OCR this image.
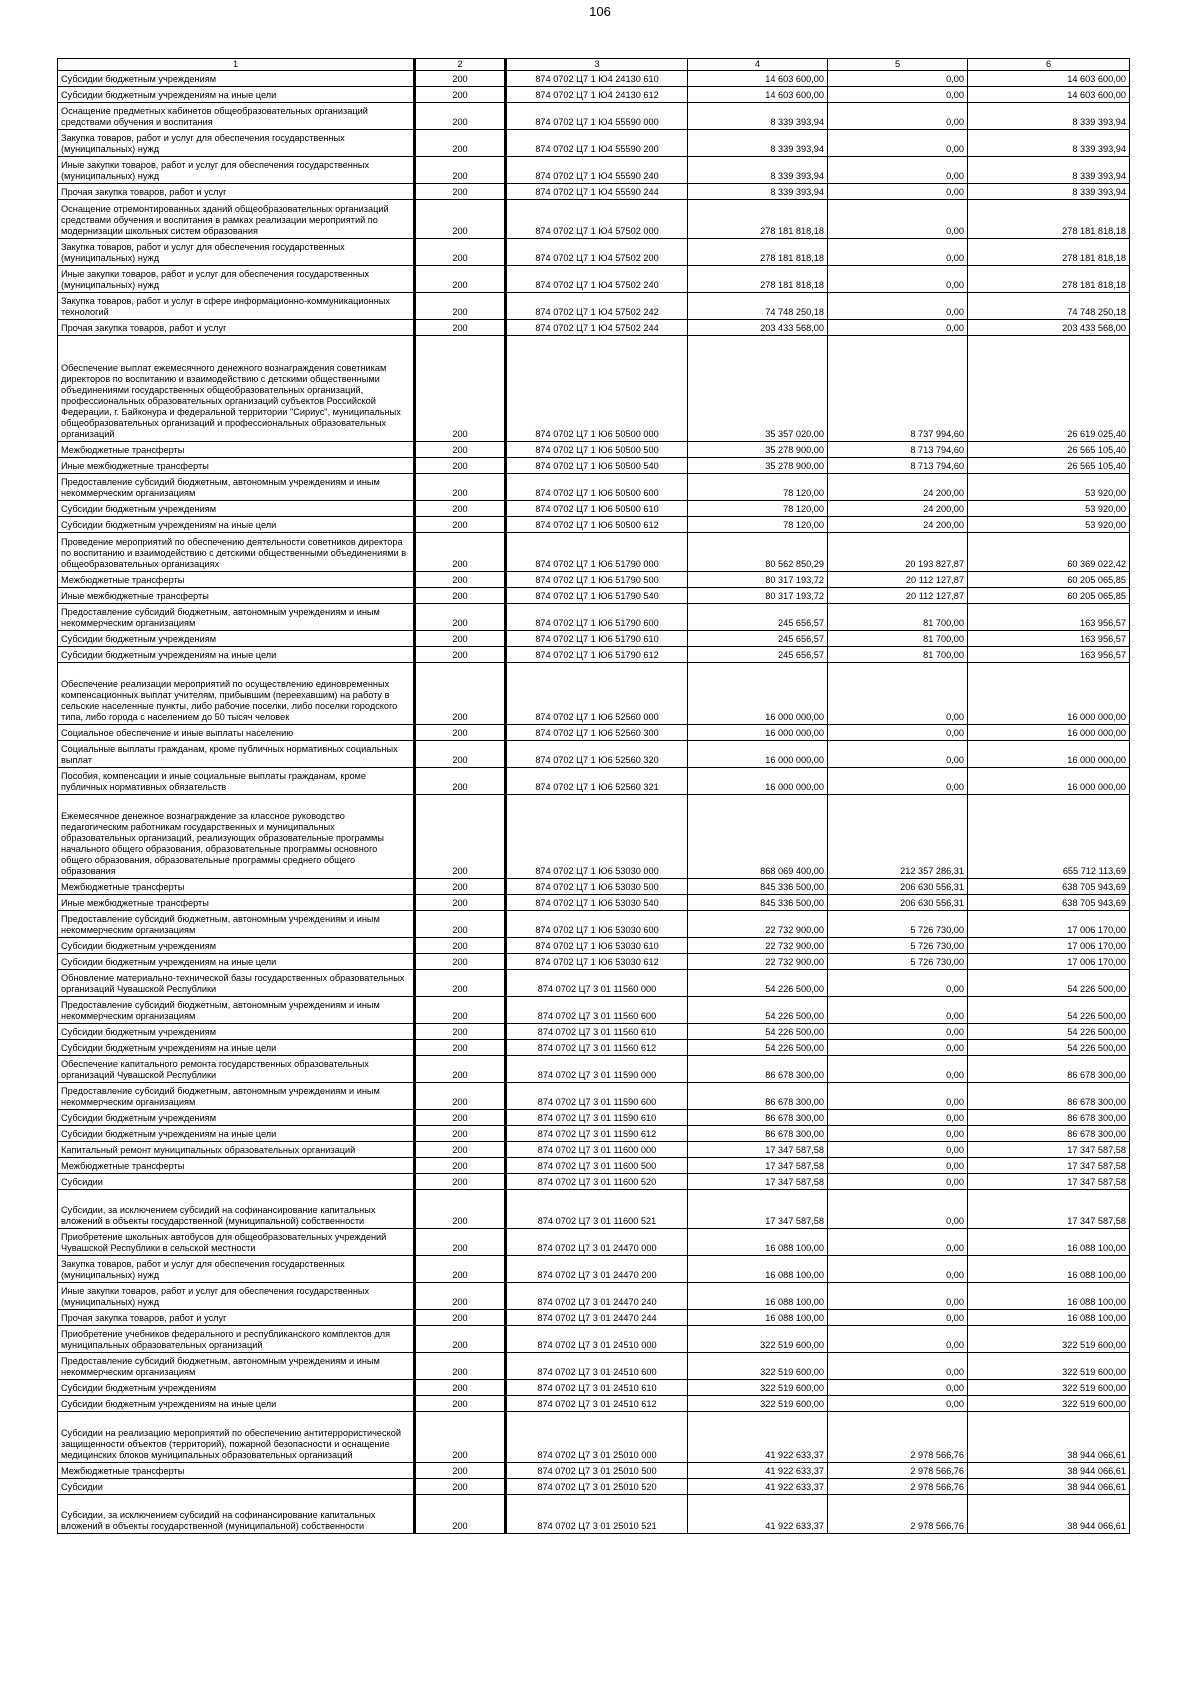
106
1	2	3	4	5	6
Субсидии бюджетным учреждениям	200	874 0702 Ц7 1 Ю4 24130 610	14 603 600,00	0,00	14 603 600,00
Субсидии бюджетным учреждениям на иные цели	200	874 0702 Ц7 1 Ю4 24130 612	14 603 600,00	0,00	14 603 600,00
Оснащение предметных кабинетов общеобразовательных организаций средствами обучения и воспитания	200	874 0702 Ц7 1 Ю4 55590 000	8 339 393,94	0,00	8 339 393,94
Закупка товаров, работ и услуг для обеспечения государственных (муниципальных) нужд	200	874 0702 Ц7 1 Ю4 55590 200	8 339 393,94	0,00	8 339 393,94
Иные закупки товаров, работ и услуг для обеспечения государственных (муниципальных) нужд	200	874 0702 Ц7 1 Ю4 55590 240	8 339 393,94	0,00	8 339 393,94
Прочая закупка товаров, работ и услуг	200	874 0702 Ц7 1 Ю4 55590 244	8 339 393,94	0,00	8 339 393,94
Оснащение отремонтированных зданий общеобразовательных организаций средствами обучения и воспитания в рамках реализации мероприятий по модернизации школьных систем образования	200	874 0702 Ц7 1 Ю4 57502 000	278 181 818,18	0,00	278 181 818,18
Закупка товаров, работ и услуг для обеспечения государственных (муниципальных) нужд	200	874 0702 Ц7 1 Ю4 57502 200	278 181 818,18	0,00	278 181 818,18
Иные закупки товаров, работ и услуг для обеспечения государственных (муниципальных) нужд	200	874 0702 Ц7 1 Ю4 57502 240	278 181 818,18	0,00	278 181 818,18
Закупка товаров, работ и услуг в сфере информационно-коммуникационных технологий	200	874 0702 Ц7 1 Ю4 57502 242	74 748 250,18	0,00	74 748 250,18
Прочая закупка товаров, работ и услуг	200	874 0702 Ц7 1 Ю4 57502 244	203 433 568,00	0,00	203 433 568,00
Обеспечение выплат ежемесячного денежного вознаграждения советникам директоров по воспитанию и взаимодействию с детскими общественными объединениями государственных общеобразовательных организаций, профессиональных образовательных организаций субъектов Российской Федерации, г. Байконура и федеральной территории "Сириус", муниципальных общеобразовательных организаций и профессиональных образовательных организаций	200	874 0702 Ц7 1 Ю6 50500 000	35 357 020,00	8 737 994,60	26 619 025,40
Межбюджетные трансферты	200	874 0702 Ц7 1 Ю6 50500 500	35 278 900,00	8 713 794,60	26 565 105,40
Иные межбюджетные трансферты	200	874 0702 Ц7 1 Ю6 50500 540	35 278 900,00	8 713 794,60	26 565 105,40
Предоставление субсидий бюджетным, автономным учреждениям и иным некоммерческим организациям	200	874 0702 Ц7 1 Ю6 50500 600	78 120,00	24 200,00	53 920,00
Субсидии бюджетным учреждениям	200	874 0702 Ц7 1 Ю6 50500 610	78 120,00	24 200,00	53 920,00
Субсидии бюджетным учреждениям на иные цели	200	874 0702 Ц7 1 Ю6 50500 612	78 120,00	24 200,00	53 920,00
Проведение мероприятий по обеспечению деятельности советников директора по воспитанию и взаимодействию с детскими общественными объединениями в общеобразовательных организациях	200	874 0702 Ц7 1 Ю6 51790 000	80 562 850,29	20 193 827,87	60 369 022,42
Межбюджетные трансферты	200	874 0702 Ц7 1 Ю6 51790 500	80 317 193,72	20 112 127,87	60 205 065,85
Иные межбюджетные трансферты	200	874 0702 Ц7 1 Ю6 51790 540	80 317 193,72	20 112 127,87	60 205 065,85
Предоставление субсидий бюджетным, автономным учреждениям и иным некоммерческим организациям	200	874 0702 Ц7 1 Ю6 51790 600	245 656,57	81 700,00	163 956,57
Субсидии бюджетным учреждениям	200	874 0702 Ц7 1 Ю6 51790 610	245 656,57	81 700,00	163 956,57
Субсидии бюджетным учреждениям на иные цели	200	874 0702 Ц7 1 Ю6 51790 612	245 656,57	81 700,00	163 956,57
Обеспечение реализации мероприятий по осуществлению единовременных компенсационных выплат учителям, прибывшим (переехавшим) на работу в сельские населенные пункты, либо рабочие поселки, либо поселки городского типа, либо города с населением до 50 тысяч человек	200	874 0702 Ц7 1 Ю6 52560 000	16 000 000,00	0,00	16 000 000,00
Социальное обеспечение и иные выплаты населению	200	874 0702 Ц7 1 Ю6 52560 300	16 000 000,00	0,00	16 000 000,00
Социальные выплаты гражданам, кроме публичных нормативных социальных выплат	200	874 0702 Ц7 1 Ю6 52560 320	16 000 000,00	0,00	16 000 000,00
Пособия, компенсации и иные социальные выплаты гражданам, кроме публичных нормативных обязательств	200	874 0702 Ц7 1 Ю6 52560 321	16 000 000,00	0,00	16 000 000,00
Ежемесячное денежное вознаграждение за классное руководство педагогическим работникам государственных и муниципальных образовательных организаций, реализующих образовательные программы начального общего образования, образовательные программы основного общего образования, образовательные программы среднего общего образования	200	874 0702 Ц7 1 Ю6 53030 000	868 069 400,00	212 357 286,31	655 712 113,69
Межбюджетные трансферты	200	874 0702 Ц7 1 Ю6 53030 500	845 336 500,00	206 630 556,31	638 705 943,69
Иные межбюджетные трансферты	200	874 0702 Ц7 1 Ю6 53030 540	845 336 500,00	206 630 556,31	638 705 943,69
Предоставление субсидий бюджетным, автономным учреждениям и иным некоммерческим организациям	200	874 0702 Ц7 1 Ю6 53030 600	22 732 900,00	5 726 730,00	17 006 170,00
Субсидии бюджетным учреждениям	200	874 0702 Ц7 1 Ю6 53030 610	22 732 900,00	5 726 730,00	17 006 170,00
Субсидии бюджетным учреждениям на иные цели	200	874 0702 Ц7 1 Ю6 53030 612	22 732 900,00	5 726 730,00	17 006 170,00
Обновление материально-технической базы государственных образовательных организаций Чувашской Республики	200	874 0702 Ц7 3 01 11560 000	54 226 500,00	0,00	54 226 500,00
Предоставление субсидий бюджетным, автономным учреждениям и иным некоммерческим организациям	200	874 0702 Ц7 3 01 11560 600	54 226 500,00	0,00	54 226 500,00
Субсидии бюджетным учреждениям	200	874 0702 Ц7 3 01 11560 610	54 226 500,00	0,00	54 226 500,00
Субсидии бюджетным учреждениям на иные цели	200	874 0702 Ц7 3 01 11560 612	54 226 500,00	0,00	54 226 500,00
Обеспечение капитального ремонта государственных образовательных организаций Чувашской Республики	200	874 0702 Ц7 3 01 11590 000	86 678 300,00	0,00	86 678 300,00
Предоставление субсидий бюджетным, автономным учреждениям и иным некоммерческим организациям	200	874 0702 Ц7 3 01 11590 600	86 678 300,00	0,00	86 678 300,00
Субсидии бюджетным учреждениям	200	874 0702 Ц7 3 01 11590 610	86 678 300,00	0,00	86 678 300,00
Субсидии бюджетным учреждениям на иные цели	200	874 0702 Ц7 3 01 11590 612	86 678 300,00	0,00	86 678 300,00
Капитальный ремонт муниципальных образовательных организаций	200	874 0702 Ц7 3 01 11600 000	17 347 587,58	0,00	17 347 587,58
Межбюджетные трансферты	200	874 0702 Ц7 3 01 11600 500	17 347 587,58	0,00	17 347 587,58
Субсидии	200	874 0702 Ц7 3 01 11600 520	17 347 587,58	0,00	17 347 587,58
Субсидии, за исключением субсидий на софинансирование капитальных вложений в объекты государственной (муниципальной) собственности	200	874 0702 Ц7 3 01 11600 521	17 347 587,58	0,00	17 347 587,58
Приобретение школьных автобусов для общеобразовательных учреждений Чувашской Республики в сельской местности	200	874 0702 Ц7 3 01 24470 000	16 088 100,00	0,00	16 088 100,00
Закупка товаров, работ и услуг для обеспечения государственных (муниципальных) нужд	200	874 0702 Ц7 3 01 24470 200	16 088 100,00	0,00	16 088 100,00
Иные закупки товаров, работ и услуг для обеспечения государственных (муниципальных) нужд	200	874 0702 Ц7 3 01 24470 240	16 088 100,00	0,00	16 088 100,00
Прочая закупка товаров, работ и услуг	200	874 0702 Ц7 3 01 24470 244	16 088 100,00	0,00	16 088 100,00
Приобретение учебников федерального и республиканского комплектов для муниципальных образовательных организаций	200	874 0702 Ц7 3 01 24510 000	322 519 600,00	0,00	322 519 600,00
Предоставление субсидий бюджетным, автономным учреждениям и иным некоммерческим организациям	200	874 0702 Ц7 3 01 24510 600	322 519 600,00	0,00	322 519 600,00
Субсидии бюджетным учреждениям	200	874 0702 Ц7 3 01 24510 610	322 519 600,00	0,00	322 519 600,00
Субсидии бюджетным учреждениям на иные цели	200	874 0702 Ц7 3 01 24510 612	322 519 600,00	0,00	322 519 600,00
Субсидии на реализацию мероприятий по обеспечению антитеррористической защищенности объектов (территорий), пожарной безопасности и оснащение медицинских блоков муниципальных образовательных организаций	200	874 0702 Ц7 3 01 25010 000	41 922 633,37	2 978 566,76	38 944 066,61
Межбюджетные трансферты	200	874 0702 Ц7 3 01 25010 500	41 922 633,37	2 978 566,76	38 944 066,61
Субсидии	200	874 0702 Ц7 3 01 25010 520	41 922 633,37	2 978 566,76	38 944 066,61
Субсидии, за исключением субсидий на софинансирование капитальных вложений в объекты государственной (муниципальной) собственности	200	874 0702 Ц7 3 01 25010 521	41 922 633,37	2 978 566,76	38 944 066,61
